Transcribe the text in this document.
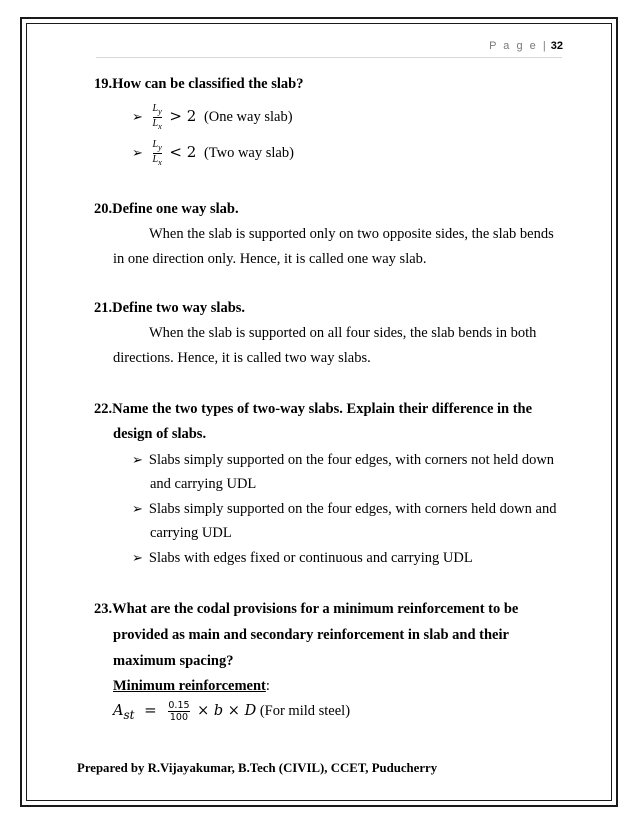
P a g e | 32
19.How can be classified the slab?
➢ $\frac{L_y}{L_x} > 2$ (One way slab)
➢ $\frac{L_y}{L_x} < 2$ (Two way slab)
20.Define one way slab.
When the slab is supported only on two opposite sides, the slab bends
in one direction only. Hence, it is called one way slab.
21.Define two way slabs.
When the slab is supported on all four sides, the slab bends in both
directions. Hence, it is called two way slabs.
22.Name the two types of two-way slabs. Explain their difference in the
design of slabs.
➢ Slabs simply supported on the four edges, with corners not held down
and carrying UDL
➢ Slabs simply supported on the four edges, with corners held down and
carrying UDL
➢ Slabs with edges fixed or continuous and carrying UDL
23.What are the codal provisions for a minimum reinforcement to be
provided as main and secondary reinforcement in slab and their
maximum spacing?
Minimum reinforcement:
$A_{st} = \frac{0.15}{100} \times b \times D$ (For mild steel)
Prepared by R.Vijayakumar, B.Tech (CIVIL), CCET, Puducherry
